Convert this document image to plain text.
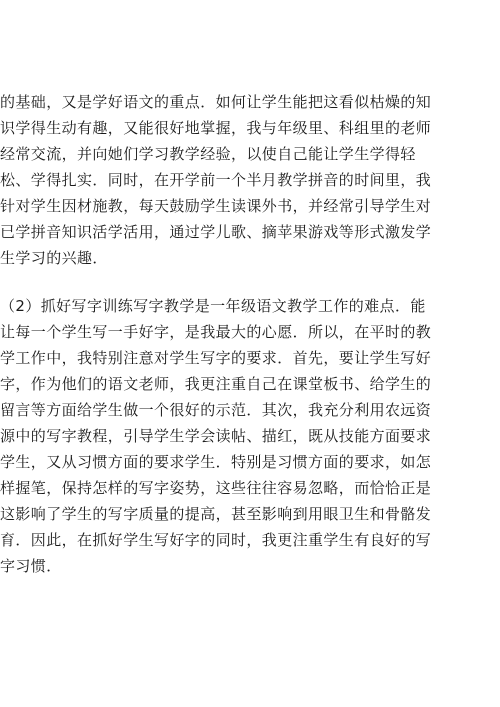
的基础，又是学好语文的重点．如何让学生能把这看似枯燥的知
识学得生动有趣，又能很好地掌握，我与年级里、科组里的老师
经常交流，并向她们学习教学经验，以使自己能让学生学得轻
松、学得扎实．同时，在开学前一个半月教学拼音的时间里，我
针对学生因材施教，每天鼓励学生读课外书，并经常引导学生对
已学拼音知识活学活用，通过学儿歌、摘苹果游戏等形式激发学
生学习的兴趣．
（2）抓好写字训练写字教学是一年级语文教学工作的难点．能
让每一个学生写一手好字，是我最大的心愿．所以，在平时的教
学工作中，我特别注意对学生写字的要求．首先，要让学生写好
字，作为他们的语文老师，我更注重自己在课堂板书、给学生的
留言等方面给学生做一个很好的示范．其次，我充分利用农远资
源中的写字教程，引导学生学会读帖、描红，既从技能方面要求
学生，又从习惯方面的要求学生．特别是习惯方面的要求，如怎
样握笔，保持怎样的写字姿势，这些往往容易忽略，而恰恰正是
这影响了学生的写字质量的提高，甚至影响到用眼卫生和骨骼发
育．因此，在抓好学生写好字的同时，我更注重学生有良好的写
字习惯．
